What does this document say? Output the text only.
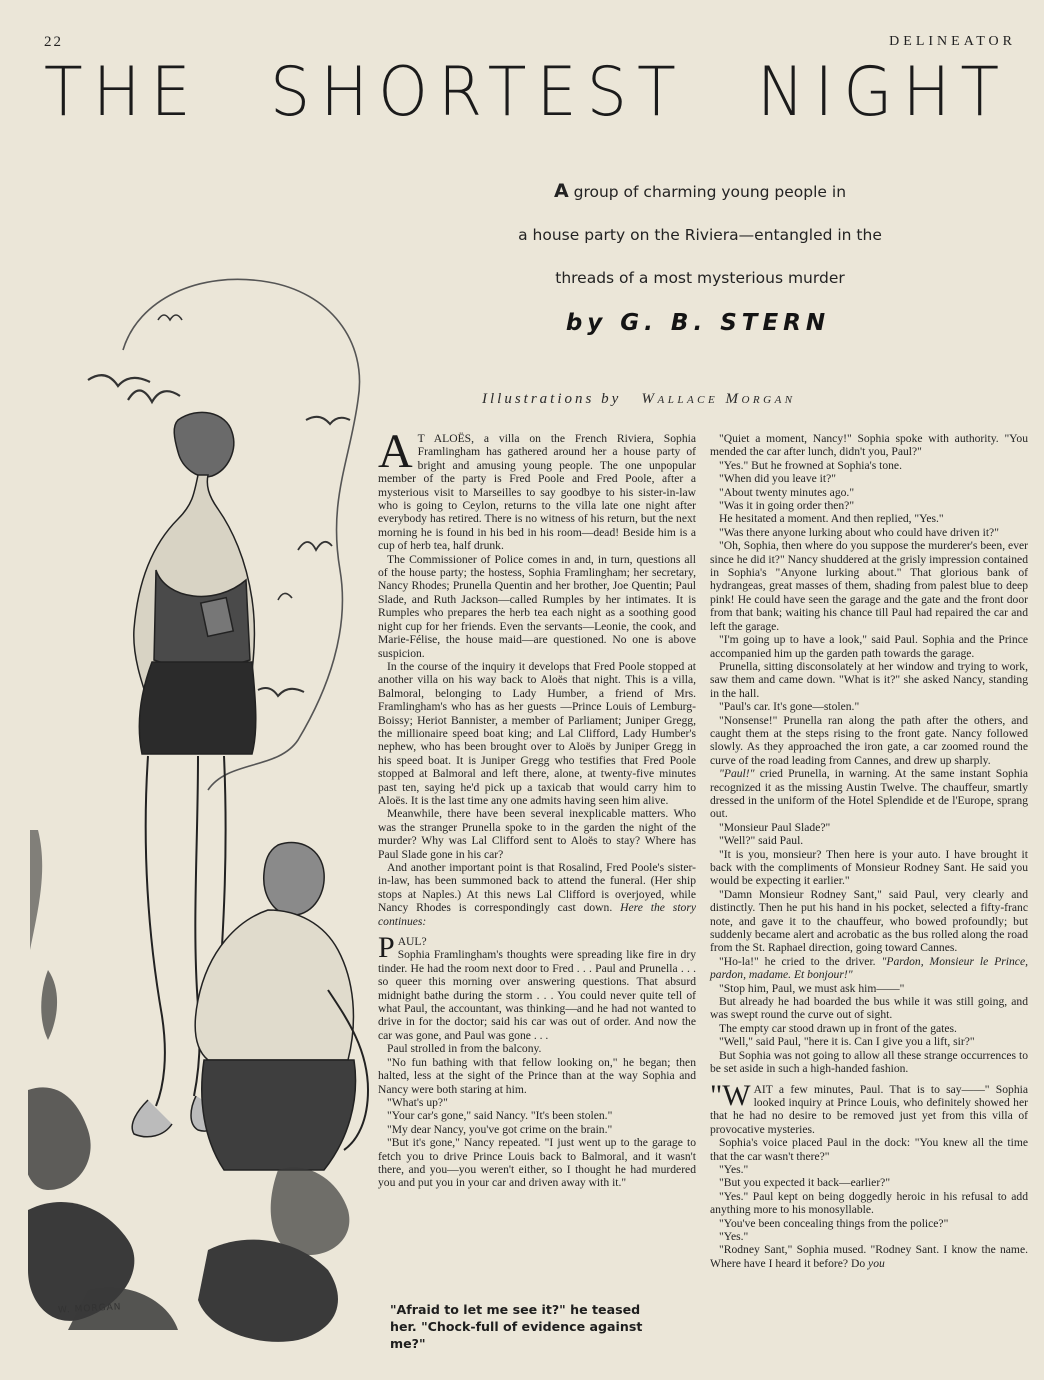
22	DELINEATOR
THE SHORTEST NIGHT
A group of charming young people in
a house party on the Riviera—entangled in the
threads of a most mysterious murder
by G. B. STERN
Illustrations by Wallace Morgan
W. MORGAN

A T ALOËS, a villa on the French Riviera, Sophia Framlingham has gathered around her a house party of bright and amusing young people. The one unpopular member of the party is Fred Poole and Fred Poole, after a mysterious visit to Marseilles to say goodbye to his sister-in-law who is going to Ceylon, returns to the villa late one night after everybody has retired. There is no witness of his return, but the next morning he is found in his bed in his room—dead! Beside him is a cup of herb tea, half drunk.

The Commissioner of Police comes in and, in turn, questions all of the house party; the hostess, Sophia Framlingham; her secretary, Nancy Rhodes; Prunella Quentin and her brother, Joe Quentin; Paul Slade, and Ruth Jackson—called Rumples by her intimates. It is Rumples who prepares the herb tea each night as a soothing good night cup for her friends. Even the servants—Leonie, the cook, and Marie-Félise, the house maid—are questioned. No one is above suspicion.

In the course of the inquiry it develops that Fred Poole stopped at another villa on his way back to Aloës that night. This is a villa, Balmoral, belonging to Lady Humber, a friend of Mrs. Framlingham's who has as her guests —Prince Louis of Lemburg-Boissy; Heriot Bannister, a member of Parliament; Juniper Gregg, the millionaire speed boat king; and Lal Clifford, Lady Humber's nephew, who has been brought over to Aloës by Juniper Gregg in his speed boat. It is Juniper Gregg who testifies that Fred Poole stopped at Balmoral and left there, alone, at twenty-five minutes past ten, saying he'd pick up a taxicab that would carry him to Aloës. It is the last time any one admits having seen him alive.

Meanwhile, there have been several inexplicable matters. Who was the stranger Prunella spoke to in the garden the night of the murder? Why was Lal Clifford sent to Aloës to stay? Where has Paul Slade gone in his car?

And another important point is that Rosalind, Fred Poole's sister-in-law, has been summoned back to attend the funeral. (Her ship stops at Naples.) At this news Lal Clifford is overjoyed, while Nancy Rhodes is correspondingly cast down. Here the story continues:

PAUL?
Sophia Framlingham's thoughts were spreading like fire in dry tinder. He had the room next door to Fred . . . Paul and Prunella . . . so queer this morning over answering questions. That absurd midnight bathe during the storm . . . You could never quite tell of what Paul, the accountant, was thinking—and he had not wanted to drive in for the doctor; said his car was out of order. And now the car was gone, and Paul was gone . . .

Paul strolled in from the balcony.

"No fun bathing with that fellow looking on," he began; then halted, less at the sight of the Prince than at the way Sophia and Nancy were both staring at him.

"What's up?"

"Your car's gone," said Nancy. "It's been stolen."

"My dear Nancy, you've got crime on the brain."

"But it's gone," Nancy repeated. "I just went up to the garage to fetch you to drive Prince Louis back to Balmoral, and it wasn't there, and you—you weren't either, so I thought he had murdered you and put you in your car and driven away with it."

"Quiet a moment, Nancy!" Sophia spoke with authority. "You mended the car after lunch, didn't you, Paul?"

"Yes." But he frowned at Sophia's tone.

"When did you leave it?"

"About twenty minutes ago."

"Was it in going order then?"

He hesitated a moment. And then replied, "Yes."

"Was there anyone lurking about who could have driven it?"

"Oh, Sophia, then where do you suppose the murderer's been, ever since he did it?" Nancy shuddered at the grisly impression contained in Sophia's "Anyone lurking about." That glorious bank of hydrangeas, great masses of them, shading from palest blue to deep pink! He could have seen the garage and the gate and the front door from that bank; waiting his chance till Paul had repaired the car and left the garage.

"I'm going up to have a look," said Paul. Sophia and the Prince accompanied him up the garden path towards the garage.

Prunella, sitting disconsolately at her window and trying to work, saw them and came down. "What is it?" she asked Nancy, standing in the hall.

"Paul's car. It's gone—stolen."

"Nonsense!" Prunella ran along the path after the others, and caught them at the steps rising to the front gate. Nancy followed slowly. As they approached the iron gate, a car zoomed round the curve of the road leading from Cannes, and drew up sharply.

"Paul!" cried Prunella, in warning. At the same instant Sophia recognized it as the missing Austin Twelve. The chauffeur, smartly dressed in the uniform of the Hotel Splendide et de l'Europe, sprang out.

"Monsieur Paul Slade?"

"Well?" said Paul.

"It is you, monsieur? Then here is your auto. I have brought it back with the compliments of Monsieur Rodney Sant. He said you would be expecting it earlier."

"Damn Monsieur Rodney Sant," said Paul, very clearly and distinctly. Then he put his hand in his pocket, selected a fifty-franc note, and gave it to the chauffeur, who bowed profoundly; but suddenly became alert and acrobatic as the bus rolled along the road from the St. Raphael direction, going toward Cannes.

"Ho-la!" he cried to the driver. "Pardon, Monsieur le Prince, pardon, madame. Et bonjour!"

"Stop him, Paul, we must ask him——"

But already he had boarded the bus while it was still going, and was swept round the curve out of sight.

The empty car stood drawn up in front of the gates.

"Well," said Paul, "here it is. Can I give you a lift, sir?"

But Sophia was not going to allow all these strange occurrences to be set aside in such a high-handed fashion.

"WAIT a few minutes, Paul. That is to say——" Sophia looked inquiry at Prince Louis, who definitely showed her that he had no desire to be removed just yet from this villa of provocative mysteries.

Sophia's voice placed Paul in the dock: "You knew all the time that the car wasn't there?"

"Yes."

"But you expected it back—earlier?"

"Yes." Paul kept on being doggedly heroic in his refusal to add anything more to his monosyllable.

"You've been concealing things from the police?"

"Yes."

"Rodney Sant," Sophia mused. "Rodney Sant. I know the name. Where have I heard it before? Do you

"Afraid to let me see it?" he teased
her. "Chock-full of evidence against me?"
